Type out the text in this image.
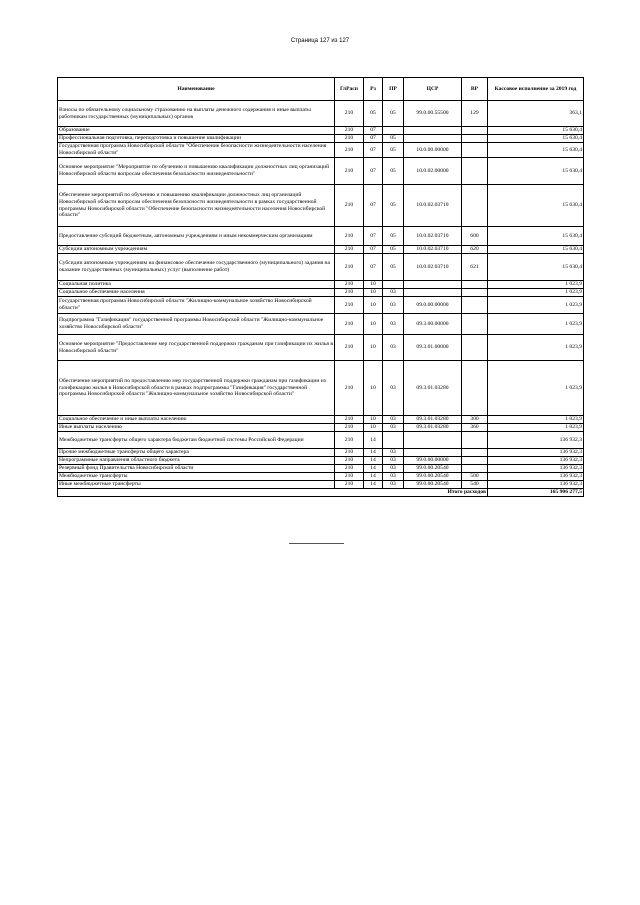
Страница 127 из 127
Наименование	ГлРасп	Рз	ПР	ЦСР	ВР	Кассовое исполнение за 2019 год
Взносы по обязательному социальному страхованию на выплаты денежного содержания и иные выплаты работникам государственных (муниципальных) органов	210	05	05	99.0.00.55500	129	363,1
Образование	210	07				15 630,4
Профессиональная подготовка, переподготовка и повышение квалификации	210	07	05			15 630,4
Государственная программа Новосибирской области "Обеспечение безопасности жизнедеятельности населения Новосибирской области"	210	07	05	10.0.00.00000		15 630,4
Основное мероприятие "Мероприятие по обучению и повышению квалификации должностных лиц организаций Новосибирской области вопросам обеспечения безопасности жизнедеятельности"	210	07	05	10.0.02.00000		15 630,4
Обеспечение мероприятий по обучению и повышению квалификации должностных лиц организаций Новосибирской области вопросам обеспечения безопасности жизнедеятельности в рамках государственной программы Новосибирской области "Обеспечение безопасности жизнедеятельности населения Новосибирской области"	210	07	05	10.0.02.03710		15 630,4
Предоставление субсидий бюджетным, автономным учреждениям и иным некоммерческим организациям	210	07	05	10.0.02.03710	600	15 630,4
Субсидии автономным учреждениям	210	07	05	10.0.02.03710	620	15 630,4
Субсидии автономным учреждениям на финансовое обеспечение государственного (муниципального) задания на оказание государственных (муниципальных) услуг (выполнение работ)	210	07	05	10.0.02.03710	621	15 630,4
Социальная политика	210	10				1 023,9
Социальное обеспечение населения	210	10	03			1 023,9
Государственная программа Новосибирской области "Жилищно-коммунальное хозяйство Новосибирской области"	210	10	03	09.0.00.00000		1 023,9
Подпрограмма "Газификация" государственной программы Новосибирской области "Жилищно-коммунальное хозяйство Новосибирской области"	210	10	03	09.3.00.00000		1 023,9
Основное мероприятие "Предоставление мер государственной поддержки гражданам при газификации их жилья в Новосибирской области"	210	10	03	09.3.01.00000		1 023,9
Обеспечение мероприятий по предоставлению мер государственной поддержки гражданам при газификации их газификацию жилья в Новосибирской области в рамках подпрограммы "Газификация" государственной программы Новосибирской области "Жилищно-коммунальное хозяйство Новосибирской области"	210	10	03	09.3.01.03280		1 023,9
Социальное обеспечение и иные выплаты населению	210	10	03	09.3.01.03280	300	1 023,9
Иные выплаты населению	210	10	03	09.3.01.03280	360	1 023,9
Межбюджетные трансферты общего характера бюджетам бюджетной системы Российской Федерации	210	14				136 932,3
Прочие межбюджетные трансферты общего характера	210	14	03			136 932,3
Непрограммные направления областного бюджета	210	14	03	99.0.00.00000		136 932,3
Резервный фонд Правительства Новосибирской области	210	14	03	99.0.00.20540		136 932,3
Межбюджетные трансферты	210	14	03	99.0.00.20540	500	136 932,3
Иные межбюджетные трансферты	210	14	03	99.0.00.20540	540	136 932,3
Итого расходов						165 906 277,5
